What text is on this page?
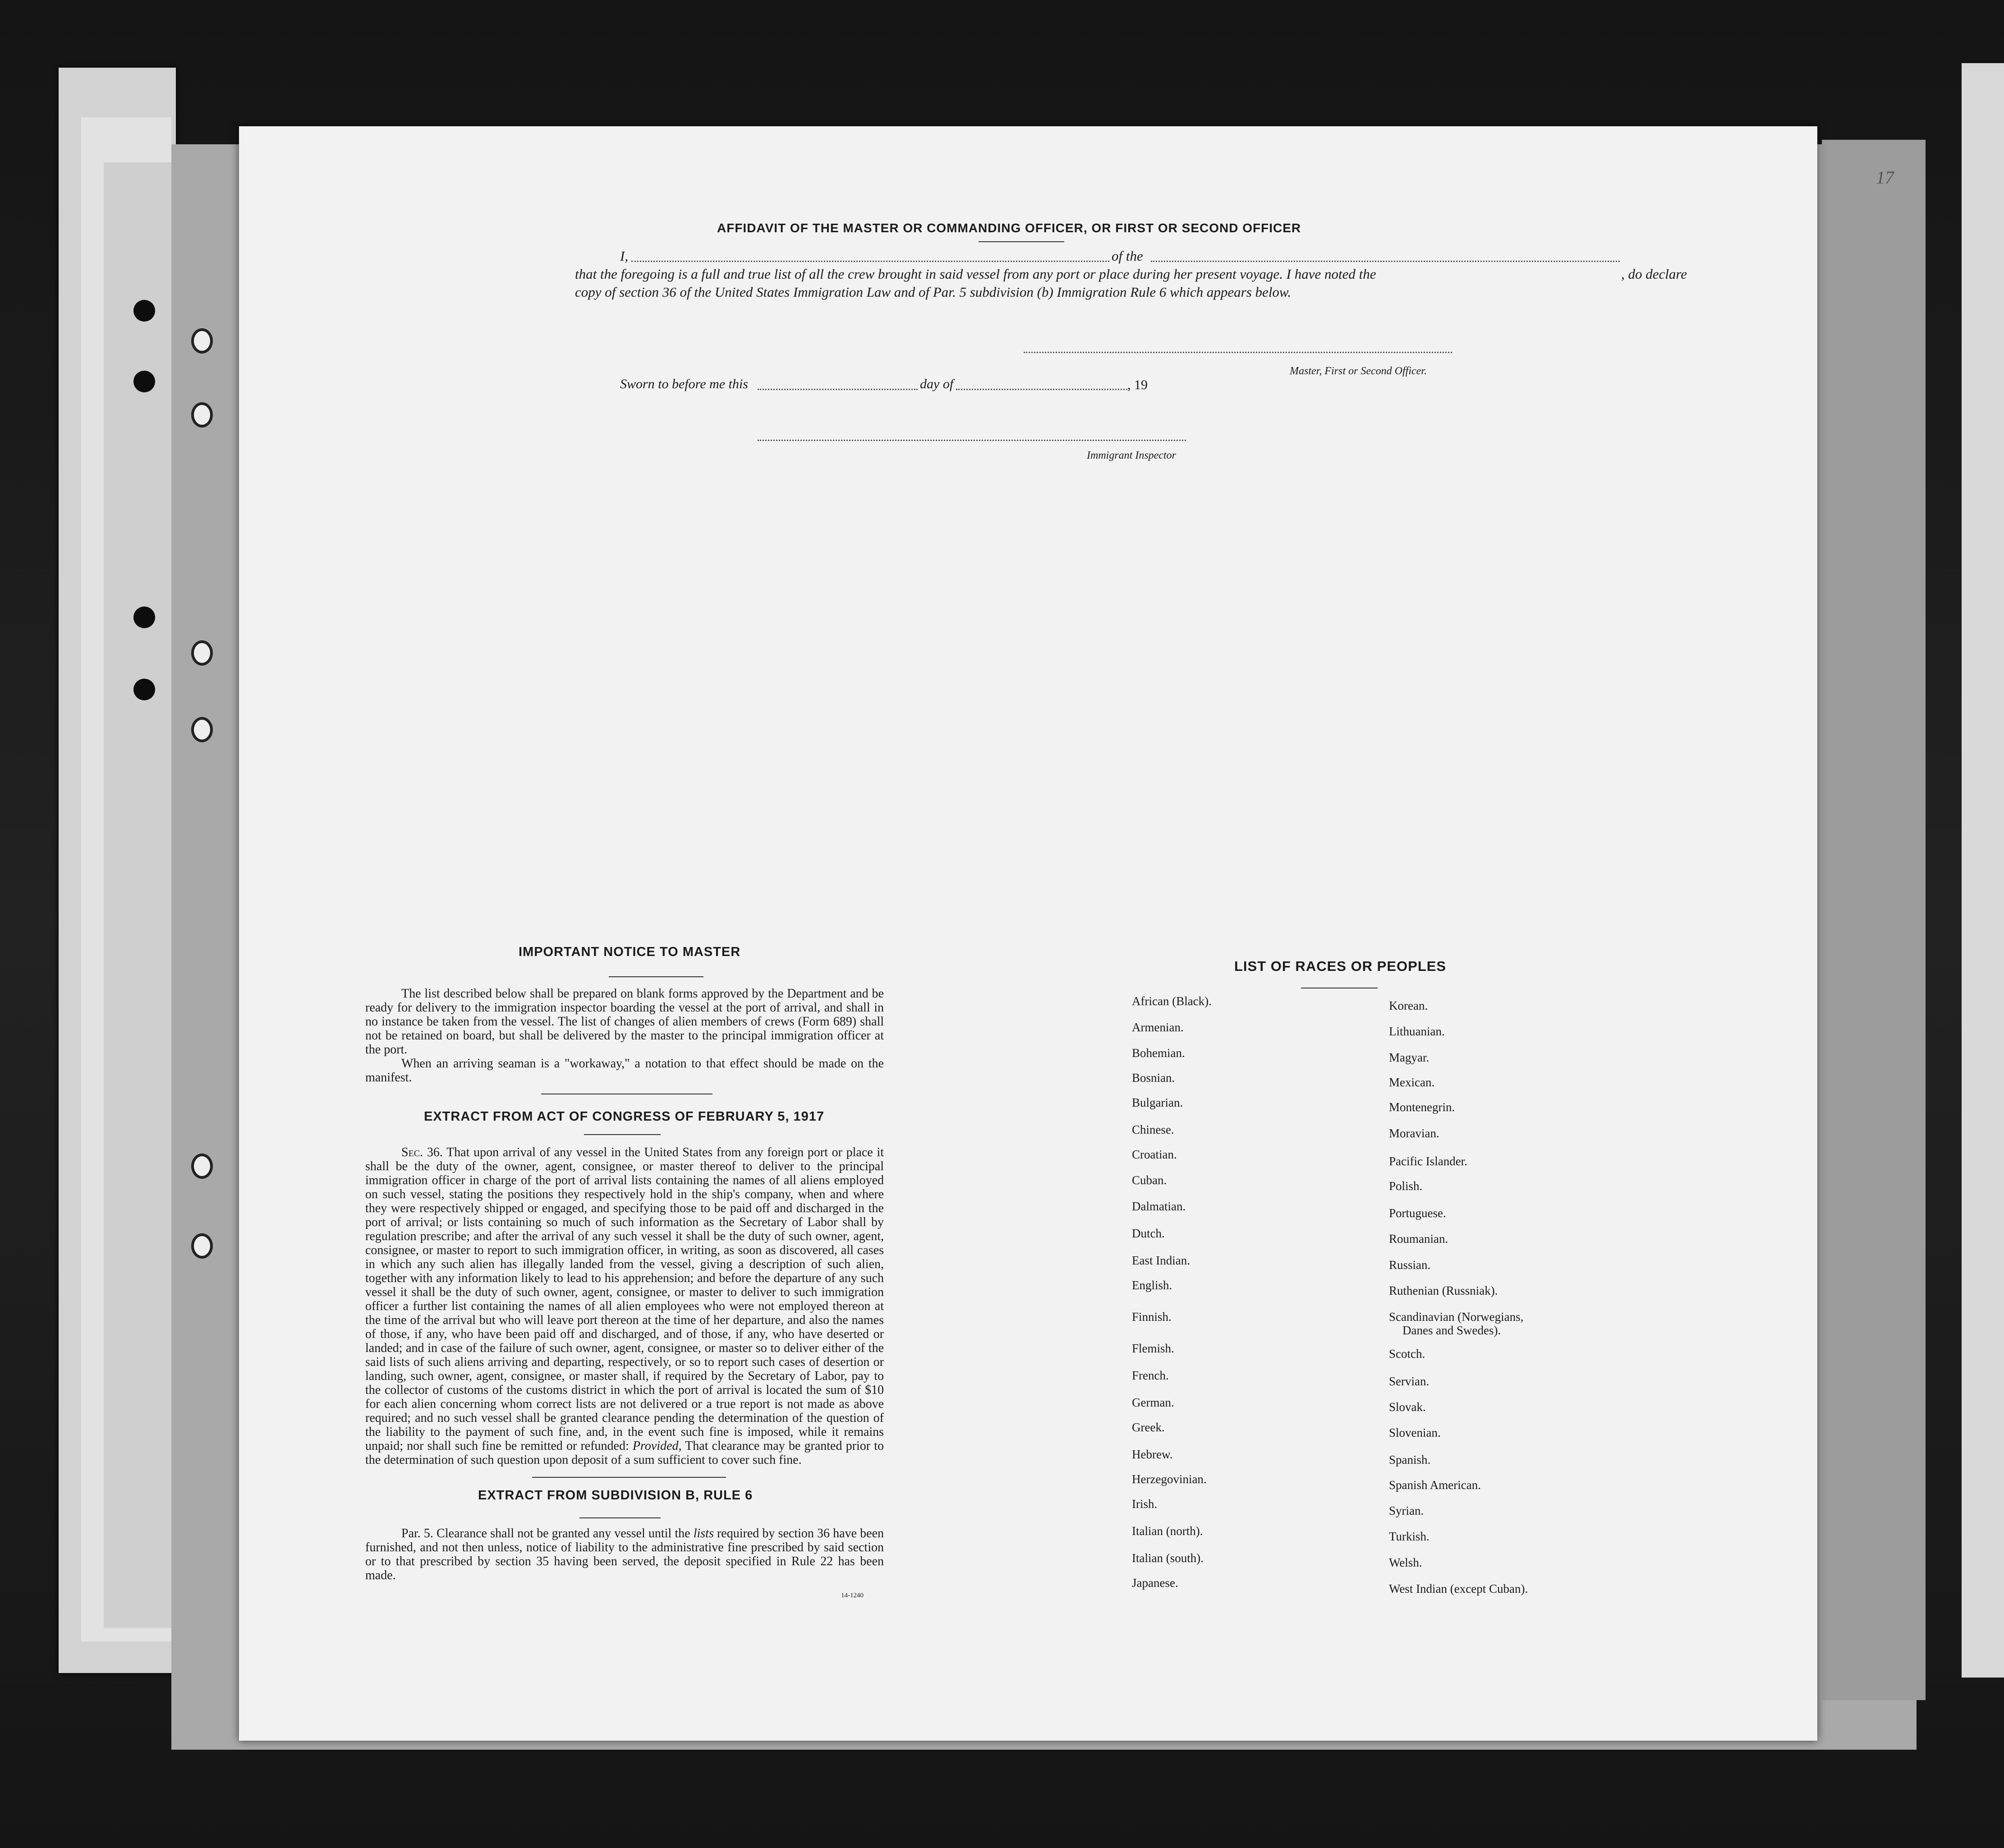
17
AFFIDAVIT OF THE MASTER OR COMMANDING OFFICER, OR FIRST OR SECOND OFFICER
I,	of the
, do declare
that the foregoing is a full and true list of all the crew brought in said vessel from any port or place during her present voyage. I have noted the
copy of section 36 of the United States Immigration Law and of Par. 5 subdivision (b) Immigration Rule 6 which appears below.
Master, First or Second Officer.
Sworn to before me this	day of	, 19
Immigrant Inspector
IMPORTANT NOTICE TO MASTER
The list described below shall be prepared on blank forms approved by the Department and be ready for delivery to the immigration inspector boarding the vessel at the port of arrival, and shall in no instance be taken from the vessel. The list of changes of alien members of crews (Form 689) shall not be retained on board, but shall be delivered by the master to the principal immigration officer at the port.
When an arriving seaman is a "workaway," a notation to that effect should be made on the manifest.
EXTRACT FROM ACT OF CONGRESS OF FEBRUARY 5, 1917
Sec. 36. That upon arrival of any vessel in the United States from any foreign port or place it shall be the duty of the owner, agent, consignee, or master thereof to deliver to the principal immigration officer in charge of the port of arrival lists containing the names of all aliens employed on such vessel, stating the positions they respectively hold in the ship's company, when and where they were respectively shipped or engaged, and specifying those to be paid off and discharged in the port of arrival; or lists containing so much of such information as the Secretary of Labor shall by regulation prescribe; and after the arrival of any such vessel it shall be the duty of such owner, agent, consignee, or master to report to such immigration officer, in writing, as soon as discovered, all cases in which any such alien has illegally landed from the vessel, giving a description of such alien, together with any information likely to lead to his apprehension; and before the departure of any such vessel it shall be the duty of such owner, agent, consignee, or master to deliver to such immigration officer a further list containing the names of all alien employees who were not employed thereon at the time of the arrival but who will leave port thereon at the time of her departure, and also the names of those, if any, who have been paid off and discharged, and of those, if any, who have deserted or landed; and in case of the failure of such owner, agent, consignee, or master so to deliver either of the said lists of such aliens arriving and departing, respectively, or so to report such cases of desertion or landing, such owner, agent, consignee, or master shall, if required by the Secretary of Labor, pay to the collector of customs of the customs district in which the port of arrival is located the sum of $10 for each alien concerning whom correct lists are not delivered or a true report is not made as above required; and no such vessel shall be granted clearance pending the determination of the question of the liability to the payment of such fine, and, in the event such fine is imposed, while it remains unpaid; nor shall such fine be remitted or refunded: Provided, That clearance may be granted prior to the determination of such question upon deposit of a sum sufficient to cover such fine.
EXTRACT FROM SUBDIVISION B, RULE 6
Par. 5. Clearance shall not be granted any vessel until the lists required by section 36 have been furnished, and not then unless, notice of liability to the administrative fine prescribed by said section or to that prescribed by section 35 having been served, the deposit specified in Rule 22 has been made.
14-1240
LIST OF RACES OR PEOPLES
African (Black).
Armenian.
Bohemian.
Bosnian.
Bulgarian.
Chinese.
Croatian.
Cuban.
Dalmatian.
Dutch.
East Indian.
English.
Finnish.
Flemish.
French.
German.
Greek.
Hebrew.
Herzegovinian.
Irish.
Italian (north).
Italian (south).
Japanese.
Korean.
Lithuanian.
Magyar.
Mexican.
Montenegrin.
Moravian.
Pacific Islander.
Polish.
Portuguese.
Roumanian.
Russian.
Ruthenian (Russniak).
Scandinavian (Norwegians,
Danes and Swedes).
Scotch.
Servian.
Slovak.
Slovenian.
Spanish.
Spanish American.
Syrian.
Turkish.
Welsh.
West Indian (except Cuban).
